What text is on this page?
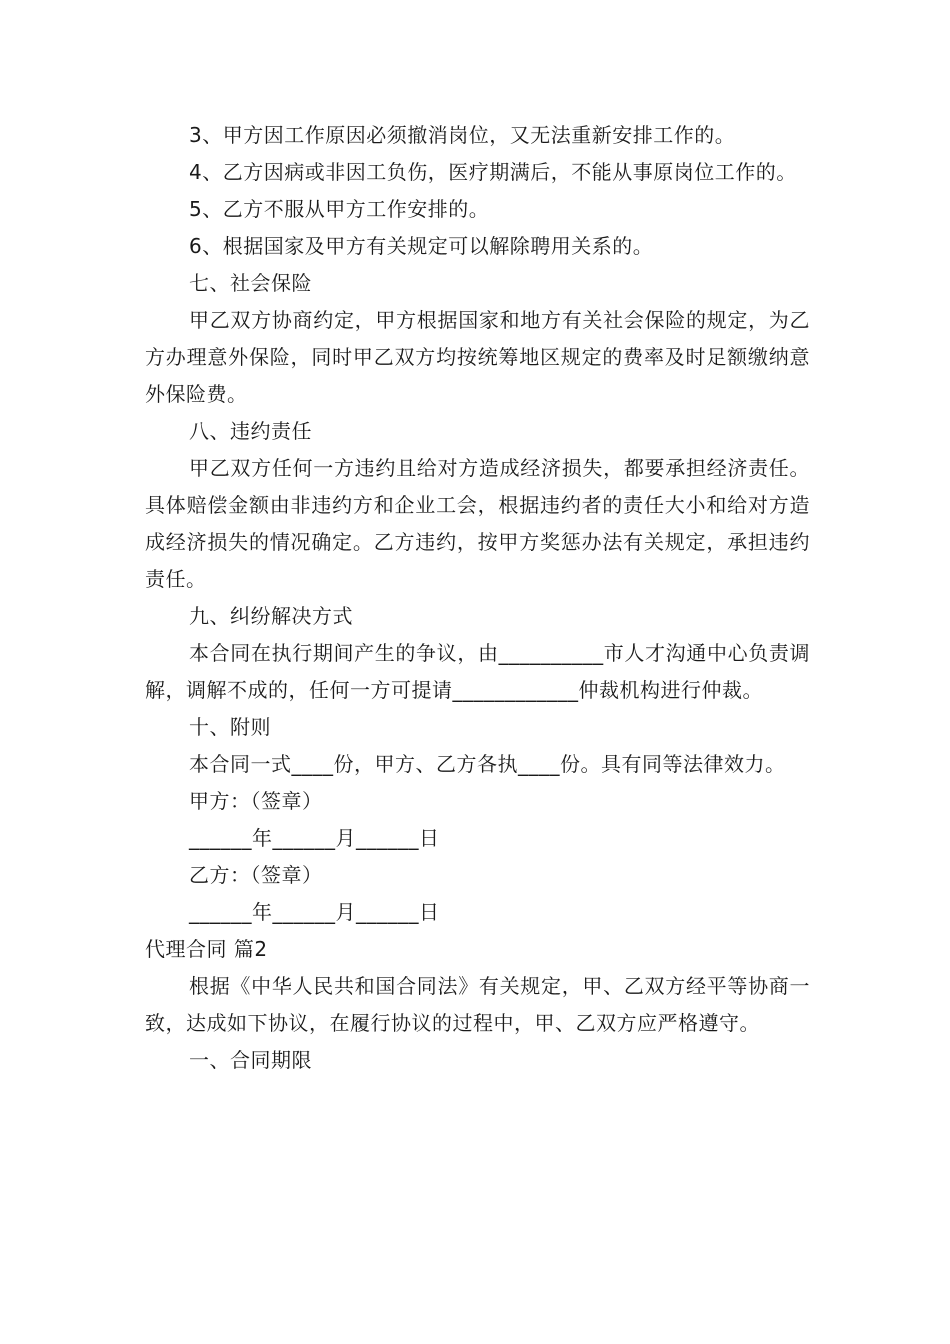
3、甲方因工作原因必须撤消岗位，又无法重新安排工作的。

4、乙方因病或非因工负伤，医疗期满后，不能从事原岗位工作的。

5、乙方不服从甲方工作安排的。

6、根据国家及甲方有关规定可以解除聘用关系的。

七、社会保险

甲乙双方协商约定，甲方根据国家和地方有关社会保险的规定，为乙方办理意外保险，同时甲乙双方均按统筹地区规定的费率及时足额缴纳意外保险费。

八、违约责任

甲乙双方任何一方违约且给对方造成经济损失，都要承担经济责任。具体赔偿金额由非违约方和企业工会，根据违约者的责任大小和给对方造成经济损失的情况确定。乙方违约，按甲方奖惩办法有关规定，承担违约责任。

九、纠纷解决方式

本合同在执行期间产生的争议，由__________市人才沟通中心负责调解，调解不成的，任何一方可提请____________仲裁机构进行仲裁。

十、附则

本合同一式____份，甲方、乙方各执____份。具有同等法律效力。

甲方：（签章）

______年______月______日

乙方：（签章）

______年______月______日

代理合同 篇2

根据《中华人民共和国合同法》有关规定，甲、乙双方经平等协商一致，达成如下协议，在履行协议的过程中，甲、乙双方应严格遵守。

一、合同期限
